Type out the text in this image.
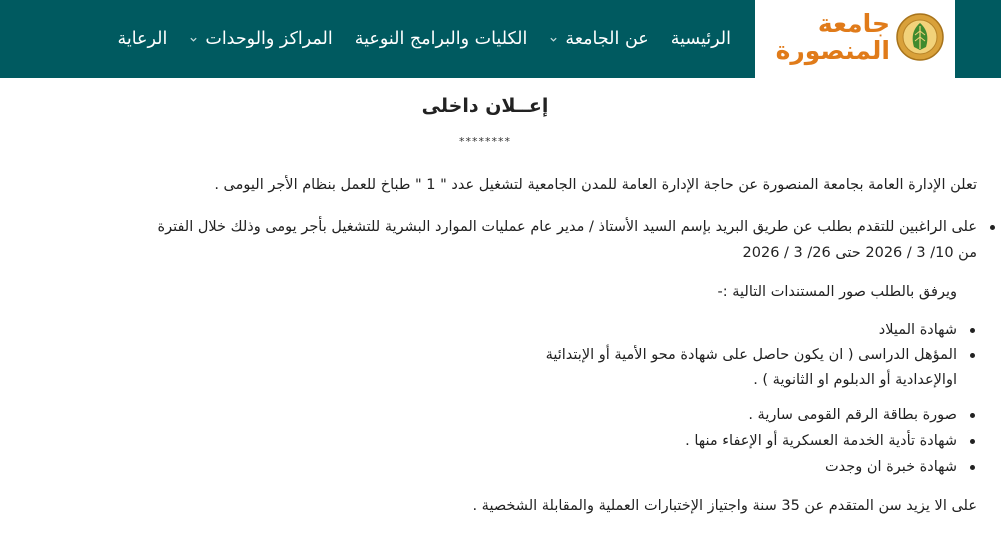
جامعة
المنصورة
الرئيسية
عن الجامعة
الكليات والبرامج النوعية
المراكز والوحدات
الرعاية
إعــلان داخلى
********
تعلن الإدارة العامة بجامعة المنصورة عن حاجة الإدارة العامة للمدن الجامعية لتشغيل عدد " 1 " طباخ للعمل بنظام الأجر اليومى .
على الراغبين للتقدم بطلب عن طريق البريد بإسم السيد الأستاذ / مدير عام عمليات الموارد البشرية للتشغيل بأجر يومى وذلك خلال الفترة
من 10/ 3 / 2026 حتى 26/ 3 / 2026
ويرفق بالطلب صور المستندات التالية :-
شهادة الميلاد
المؤهل الدراسى ( ان يكون حاصل على شهادة محو الأمية أو الإبتدائية
اوالإعدادية أو الدبلوم او الثانوية ) .
صورة بطاقة الرقم القومى سارية .
شهادة تأدية الخدمة العسكرية أو الإعفاء منها .
شهادة خبرة ان وجدت
على الا يزيد سن المتقدم عن 35 سنة واجتياز الإختبارات العملية والمقابلة الشخصية .
